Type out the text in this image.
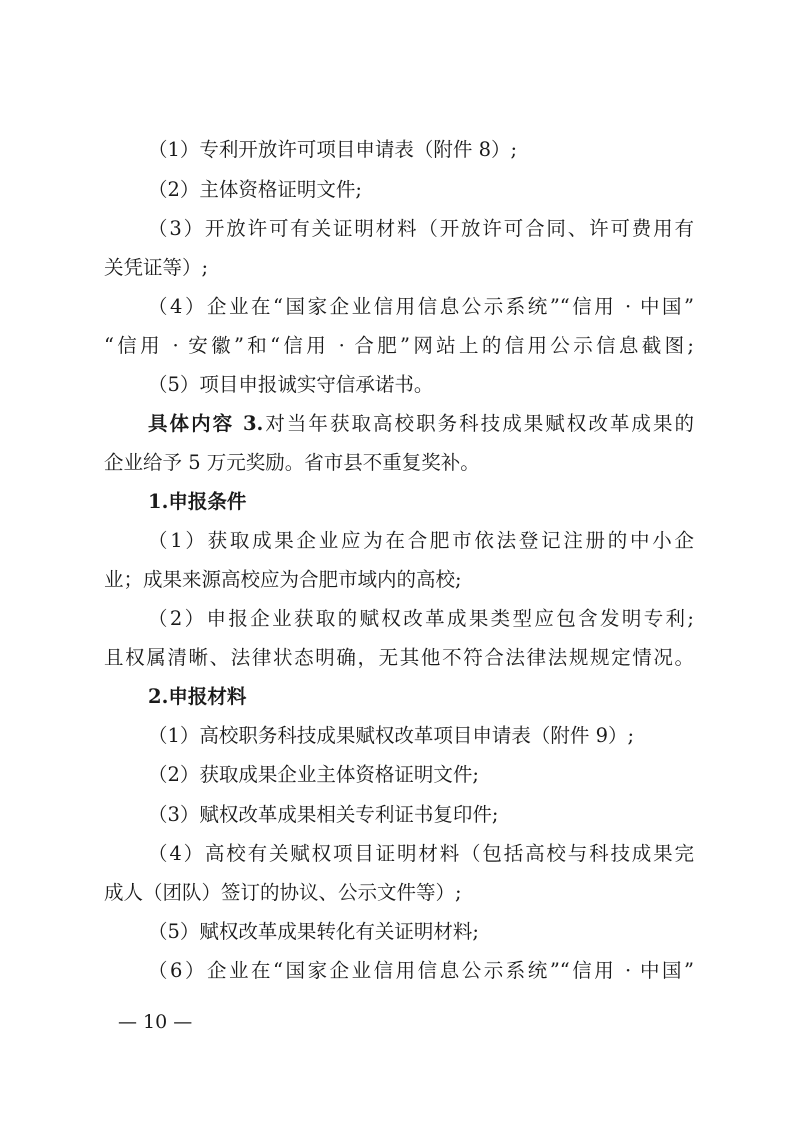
（1）专利开放许可项目申请表（附件 8）;
（2）主体资格证明文件;
（3）开放许可有关证明材料（开放许可合同、许可费用有
关凭证等）;
（4）企业在“国家企业信用信息公示系统”“信用 · 中国”
“信用 · 安徽”和“信用 · 合肥”网站上的信用公示信息截图;
（5）项目申报诚实守信承诺书。
具体内容 3.对当年获取高校职务科技成果赋权改革成果的
企业给予 5 万元奖励。省市县不重复奖补。
1.申报条件
（1）获取成果企业应为在合肥市依法登记注册的中小企
业；成果来源高校应为合肥市域内的高校;
（2）申报企业获取的赋权改革成果类型应包含发明专利;
且权属清晰、法律状态明确，无其他不符合法律法规规定情况。
2.申报材料
（1）高校职务科技成果赋权改革项目申请表（附件 9）;
（2）获取成果企业主体资格证明文件;
（3）赋权改革成果相关专利证书复印件;
（4）高校有关赋权项目证明材料（包括高校与科技成果完
成人（团队）签订的协议、公示文件等）;
（5）赋权改革成果转化有关证明材料;
（6）企业在“国家企业信用信息公示系统”“信用 · 中国”
— 10 —
